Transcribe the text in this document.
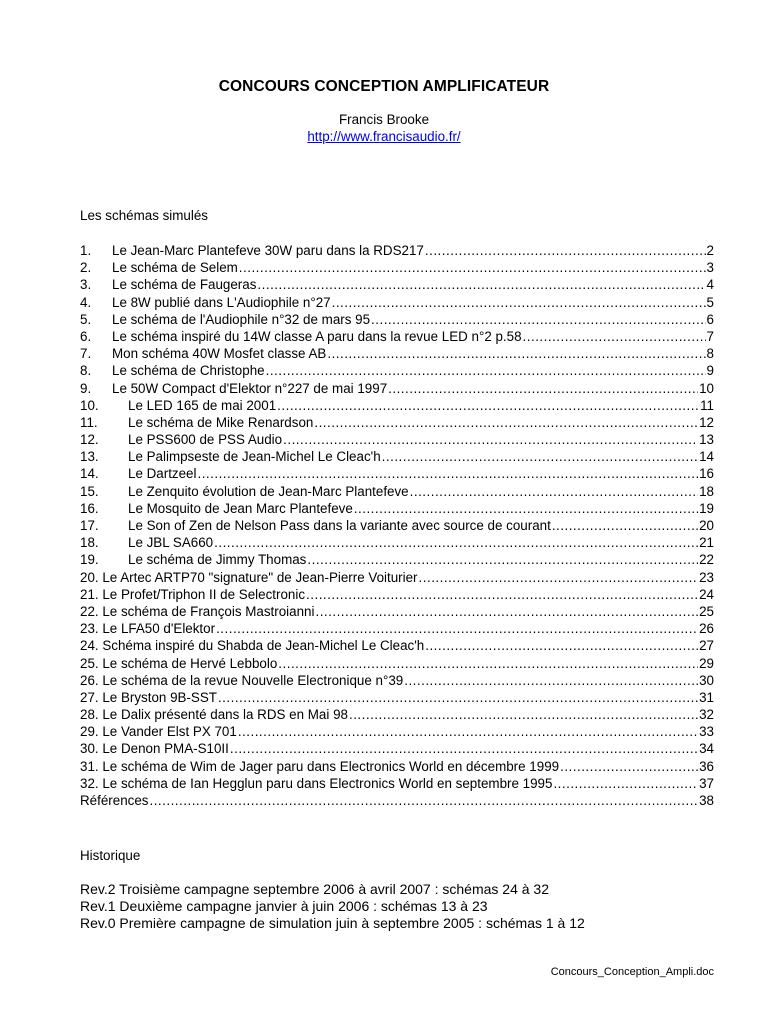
CONCOURS CONCEPTION AMPLIFICATEUR
Francis Brooke
http://www.francisaudio.fr/
Les schémas simulés
1.	Le Jean-Marc Plantefeve 30W paru dans la RDS217 .....	2
2.	Le schéma de Selem .....	3
3.	Le schéma de Faugeras .....	4
4.	Le 8W publié dans L'Audiophile n°27 .....	5
5.	Le schéma de l'Audiophile n°32 de mars 95 .....	6
6.	Le schéma inspiré du 14W classe A paru dans la revue LED n°2 p.58 .....	7
7.	Mon schéma 40W Mosfet classe AB .....	8
8.	Le schéma de Christophe .....	9
9.	Le 50W Compact d'Elektor n°227 de mai 1997 .....	10
10.	Le LED 165 de mai 2001 .....	11
11.	Le schéma de Mike Renardson .....	12
12.	Le PSS600 de PSS Audio .....	13
13.	Le Palimpseste de Jean-Michel Le Cleac'h .....	14
14.	Le Dartzeel .....	16
15.	Le Zenquito évolution de Jean-Marc Plantefeve .....	18
16.	Le Mosquito de Jean Marc Plantefeve .....	19
17.	Le Son of Zen de Nelson Pass dans la variante avec source de courant .....	20
18.	Le JBL SA660 .....	21
19.	Le schéma de Jimmy Thomas .....	22
20. Le Artec ARTP70 "signature" de Jean-Pierre Voiturier .....	23
21. Le Profet/Triphon II de Selectronic .....	24
22. Le schéma de François Mastroianni .....	25
23. Le LFA50 d'Elektor .....	26
24. Schéma inspiré du Shabda de Jean-Michel Le Cleac'h .....	27
25. Le schéma de Hervé Lebbolo .....	29
26. Le schéma de la revue Nouvelle Electronique n°39 .....	30
27. Le Bryston 9B-SST .....	31
28. Le Dalix présenté dans la RDS en Mai 98 .....	32
29. Le Vander Elst PX 701 .....	33
30. Le Denon PMA-S10II .....	34
31. Le schéma de Wim de Jager paru dans Electronics World en décembre 1999 .....	36
32. Le schéma de Ian Hegglun paru dans Electronics World en septembre 1995 .....	37
Références .....	38
Historique
Rev.2 Troisième campagne septembre 2006 à avril 2007 : schémas 24 à 32
Rev.1 Deuxième campagne janvier à juin 2006 : schémas 13 à 23
Rev.0 Première campagne de simulation juin à septembre 2005 : schémas 1 à 12
Concours_Conception_Ampli.doc
